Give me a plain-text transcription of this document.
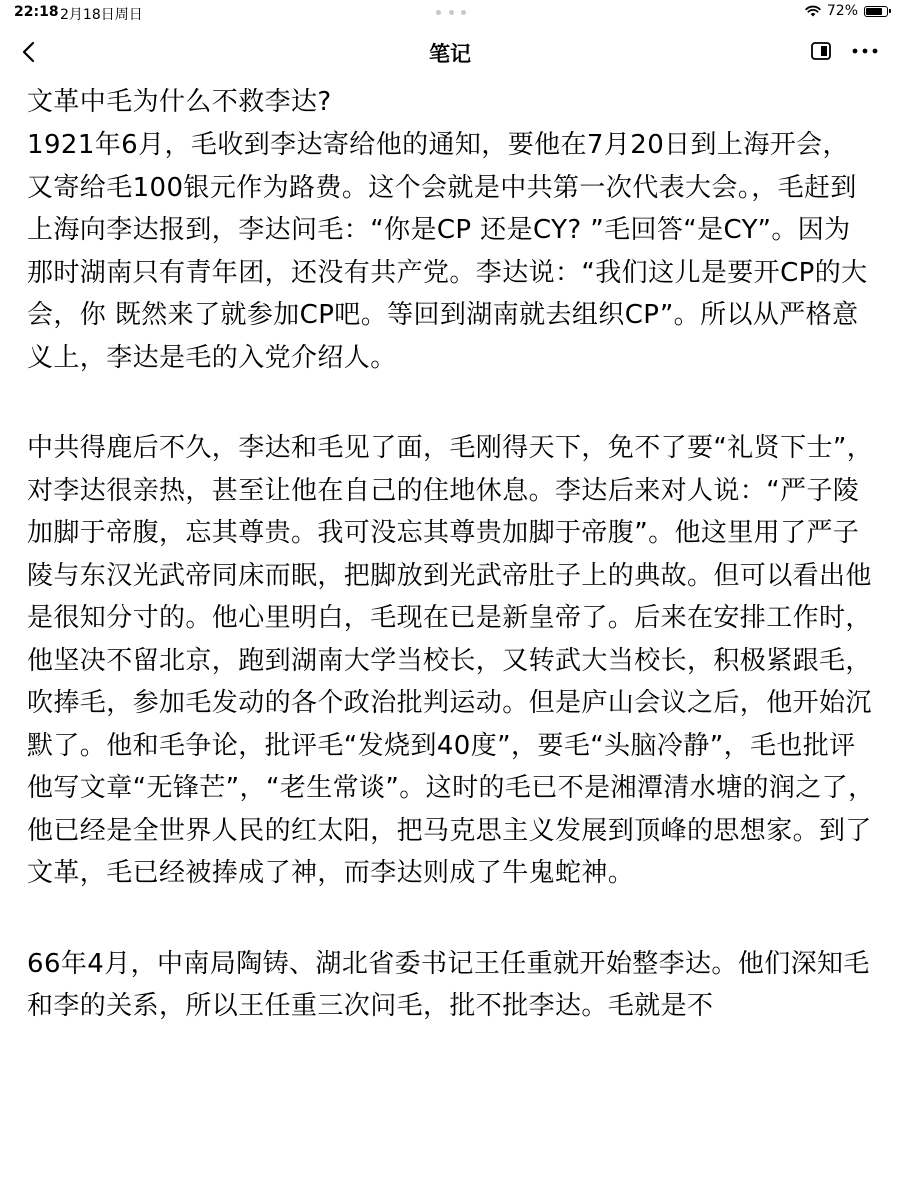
22:18 2月18日周日	72%
笔记
文革中毛为什么不救李达?

1921年6月，毛收到李达寄给他的通知，要他在7月20日到上海开会，又寄给毛100银元作为路费。这个会就是中共第一次代表大会。，毛赶到上海向李达报到，李达问毛：“你是CP 还是CY? ”毛回答“是CY”。因为那时湖南只有青年团，还没有共产党。李达说：“我们这儿是要开CP的大会，你 既然来了就参加CP吧。等回到湖南就去组织CP”。所以从严格意义上，李达是毛的入党介绍人。

中共得鹿后不久，李达和毛见了面，毛刚得天下，免不了要“礼贤下士”，对李达很亲热，甚至让他在自己的住地休息。李达后来对人说：“严子陵加脚于帝腹，忘其尊贵。我可没忘其尊贵加脚于帝腹”。他这里用了严子陵与东汉光武帝同床而眠，把脚放到光武帝肚子上的典故。但可以看出他是很知分寸的。他心里明白，毛现在已是新皇帝了。后来在安排工作时，他坚决不留北京，跑到湖南大学当校长，又转武大当校长，积极紧跟毛，吹捧毛，参加毛发动的各个政治批判运动。但是庐山会议之后，他开始沉默了。他和毛争论，批评毛“发烧到40度”，要毛“头脑冷静”，毛也批评他写文章“无锋芒”，“老生常谈”。这时的毛已不是湘潭清水塘的润之了，他已经是全世界人民的红太阳，把马克思主义发展到顶峰的思想家。到了文革，毛已经被捧成了神，而李达则成了牛鬼蛇神。

66年4月，中南局陶铸、湖北省委书记王任重就开始整李达。他们深知毛和李的关系，所以王任重三次问毛，批不批李达。毛就是不
